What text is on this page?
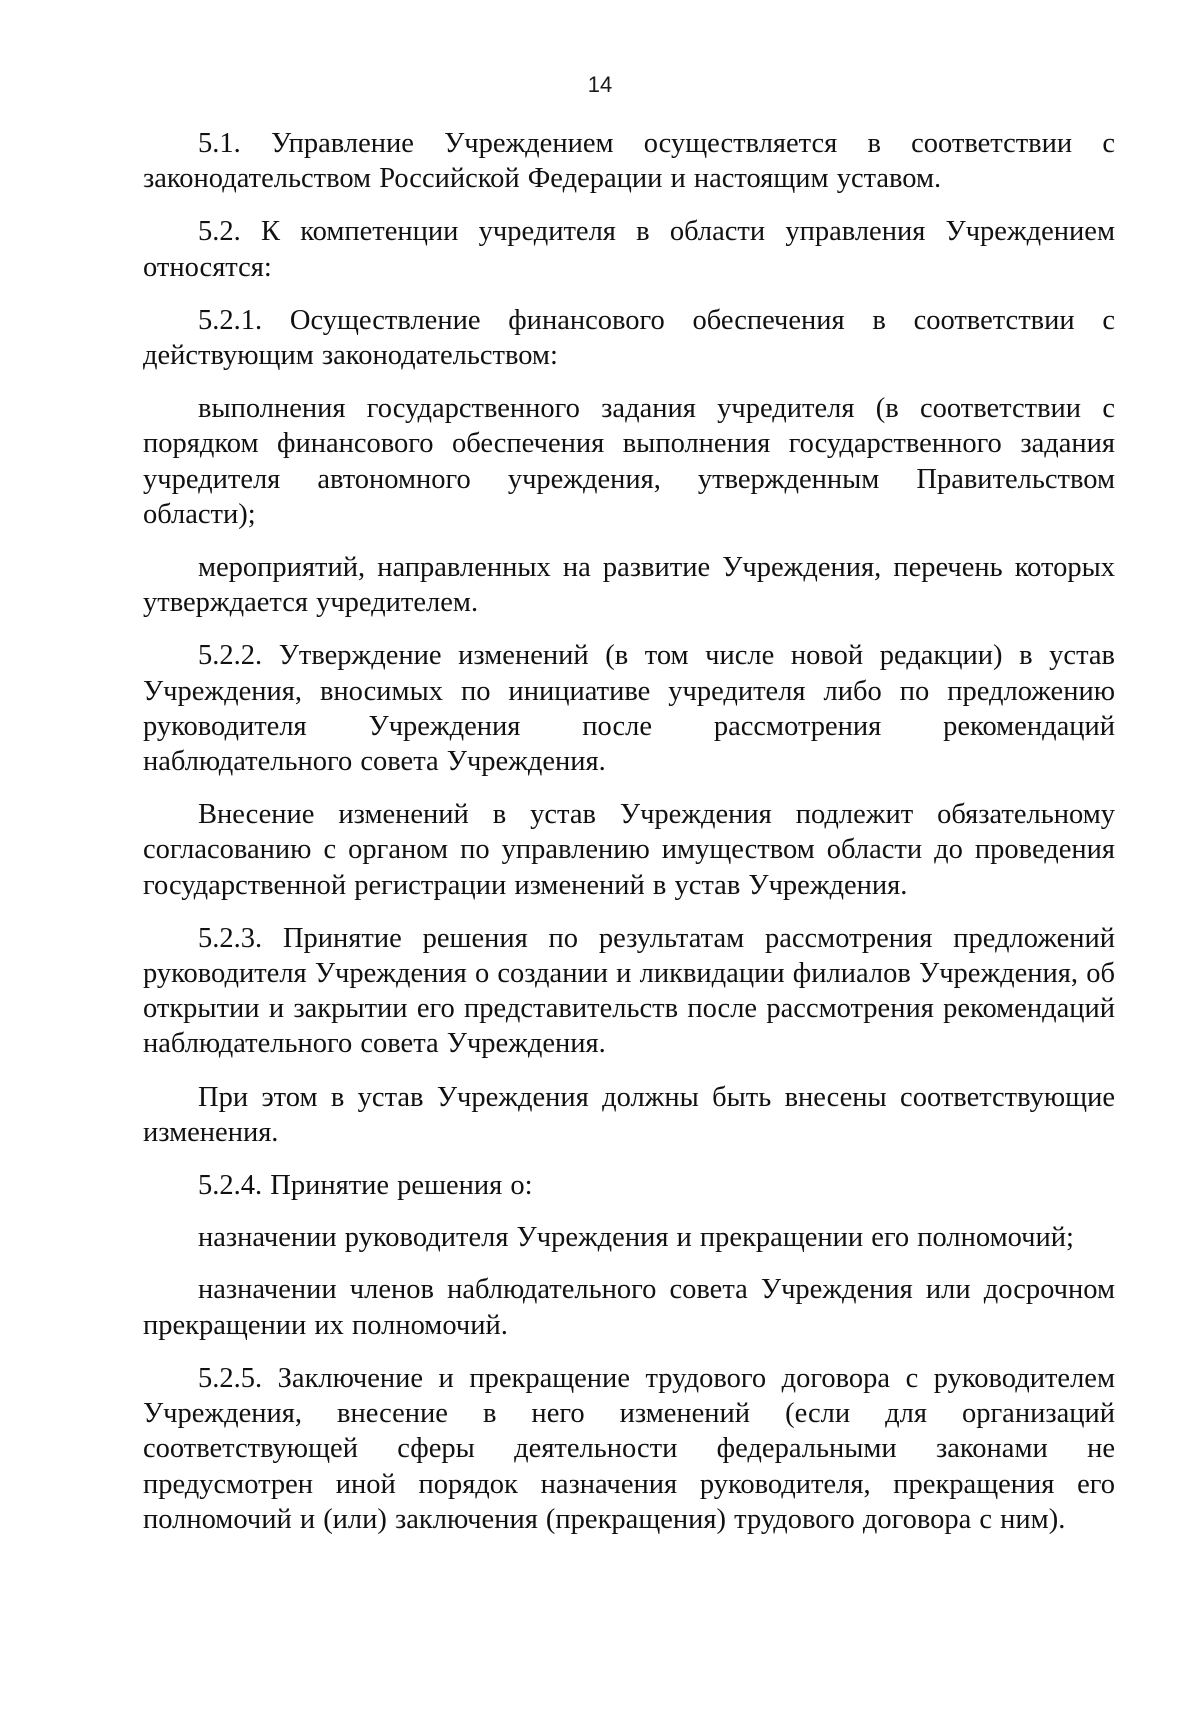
14

5.1. Управление Учреждением осуществляется в соответствии с законодательством Российской Федерации и настоящим уставом.

5.2. К компетенции учредителя в области управления Учреждением относятся:

5.2.1. Осуществление финансового обеспечения в соответствии с действующим законодательством:

выполнения государственного задания учредителя (в соответствии с порядком финансового обеспечения выполнения государственного задания учредителя автономного учреждения, утвержденным Правительством области);

мероприятий, направленных на развитие Учреждения, перечень которых утверждается учредителем.

5.2.2. Утверждение изменений (в том числе новой редакции) в устав Учреждения, вносимых по инициативе учредителя либо по предложению руководителя Учреждения после рассмотрения рекомендаций наблюдательного совета Учреждения.

Внесение изменений в устав Учреждения подлежит обязательному согласованию с органом по управлению имуществом области до проведения государственной регистрации изменений в устав Учреждения.

5.2.3. Принятие решения по результатам рассмотрения предложений руководителя Учреждения о создании и ликвидации филиалов Учреждения, об открытии и закрытии его представительств после рассмотрения рекомендаций наблюдательного совета Учреждения.

При этом в устав Учреждения должны быть внесены соответствующие изменения.

5.2.4. Принятие решения о:

назначении руководителя Учреждения и прекращении его полномочий;

назначении членов наблюдательного совета Учреждения или досрочном прекращении их полномочий.

5.2.5. Заключение и прекращение трудового договора с руководителем Учреждения, внесение в него изменений (если для организаций соответствующей сферы деятельности федеральными законами не предусмотрен иной порядок назначения руководителя, прекращения его полномочий и (или) заключения (прекращения) трудового договора с ним).
